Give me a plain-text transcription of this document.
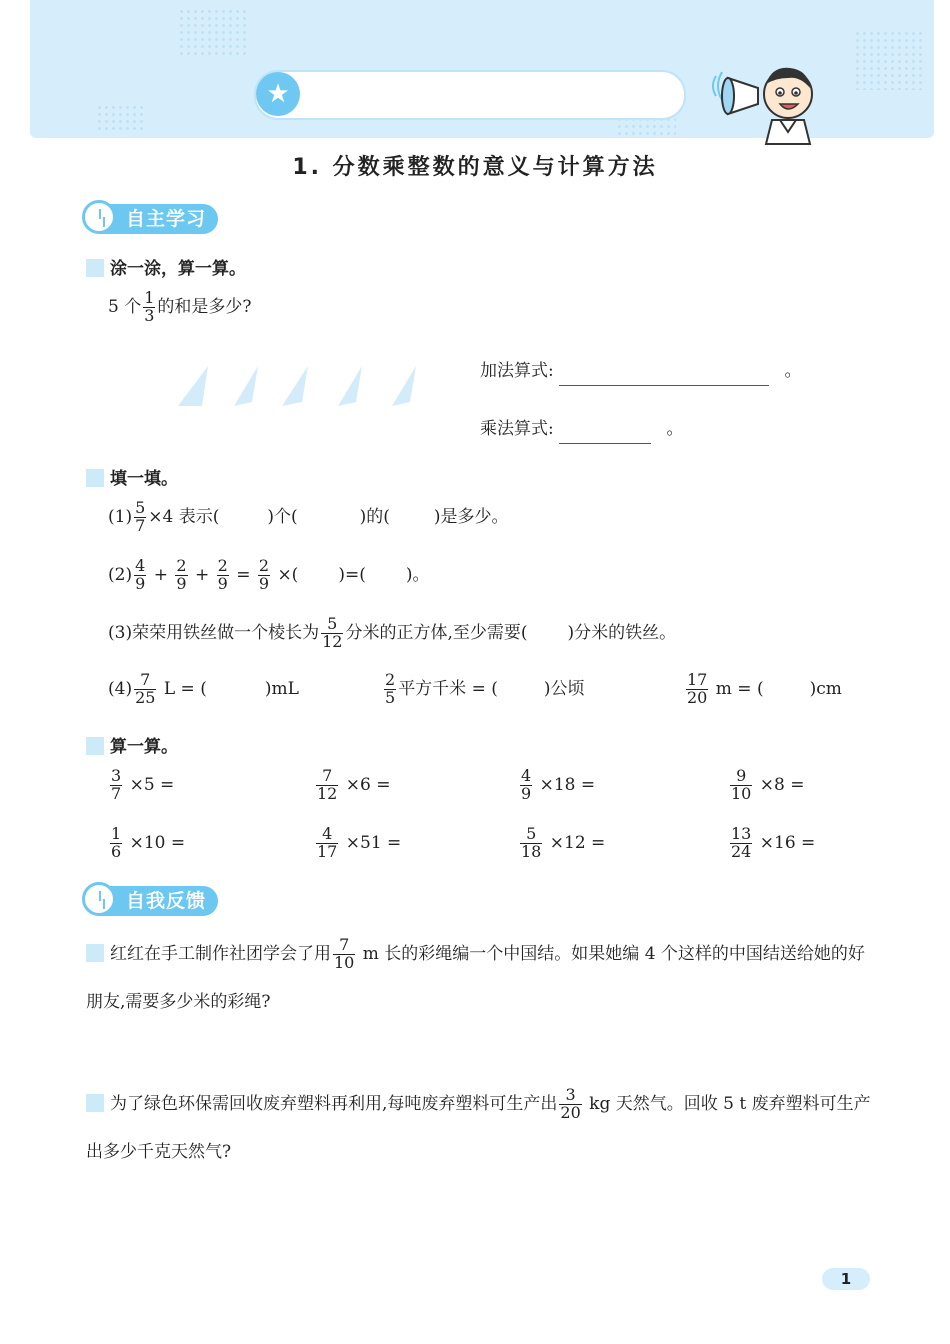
★
1. 分数乘整数的意义与计算方法
自主学习
涂一涂，算一算。
5 个 $\frac{1}{3}$ 的和是多少?
加法算式:	。
乘法算式:	。
填一填。
$(1) \frac{5}{7} \times 4$ 表示(	)个(	)的(	)是多少。
$(2) \frac{4}{9} + \frac{2}{9} + \frac{2}{9} = \frac{2}{9}$ ×( )=( )。
(3)荣荣用铁丝做一个棱长为 $\frac{5}{12}$ 分米的正方体,至少需要( )分米的铁丝。
$(4) \frac{7}{25}$ L = (	)mL	$\frac{2}{5}$ 平方千米 = (	)公顷	$\frac{17}{20}$ m = (	)cm
算一算。
$\frac{3}{7} \times 5$ =	$\frac{7}{12} \times 6$ =	$\frac{4}{9} \times 18$ =	$\frac{9}{10} \times 8$ =
$\frac{1}{6} \times 10$ =	$\frac{4}{17} \times 51$ =	$\frac{5}{18} \times 12$ =	$\frac{13}{24} \times 16$ =
自我反馈
红红在手工制作社团学会了用 $\frac{7}{10}$ m 长的彩绳编一个中国结。如果她编 4 个这样的中国结送给她的好朋友,需要多少米的彩绳?
为了绿色环保需回收废弃塑料再利用,每吨废弃塑料可生产出 $\frac{3}{20}$ kg 天然气。回收 5 t 废弃塑料可生产出多少千克天然气?
1
